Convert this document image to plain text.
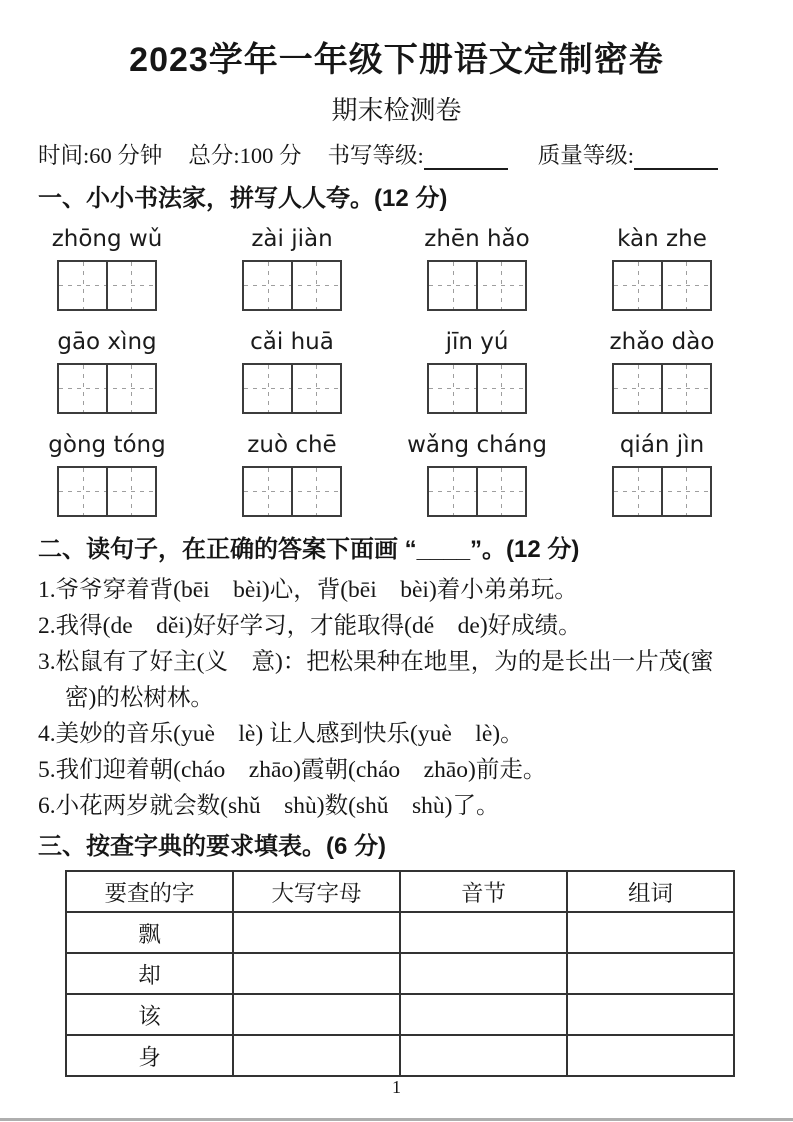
2023学年一年级下册语文定制密卷
期末检测卷
时间:60 分钟 总分:100 分 书写等级:	质量等级:
一、小小书法家，拼写人人夸。(12 分)
zhōng wǔ	zài jiàn	zhēn hǎo	kàn zhe
gāo xìng	cǎi huā	jīn yú	zhǎo dào
gòng tóng	zuò chē	wǎng cháng	qián jìn
二、读句子，在正确的答案下面画 “____”。(12 分)
1.爷爷穿着背(bēi　bèi)心，背(bēi　bèi)着小弟弟玩。
2.我得(de　děi)好好学习，才能取得(dé　de)好成绩。
3.松鼠有了好主(义　意)：把松果种在地里，为的是长出一片茂(蜜
密)的松树林。
4.美妙的音乐(yuè　lè) 让人感到快乐(yuè　lè)。
5.我们迎着朝(cháo　zhāo)霞朝(cháo　zhāo)前走。
6.小花两岁就会数(shǔ　shù)数(shǔ　shù)了。
三、按查字典的要求填表。(6 分)
要查的字	大写字母	音节	组词
飘			
却			
该			
身			
1
